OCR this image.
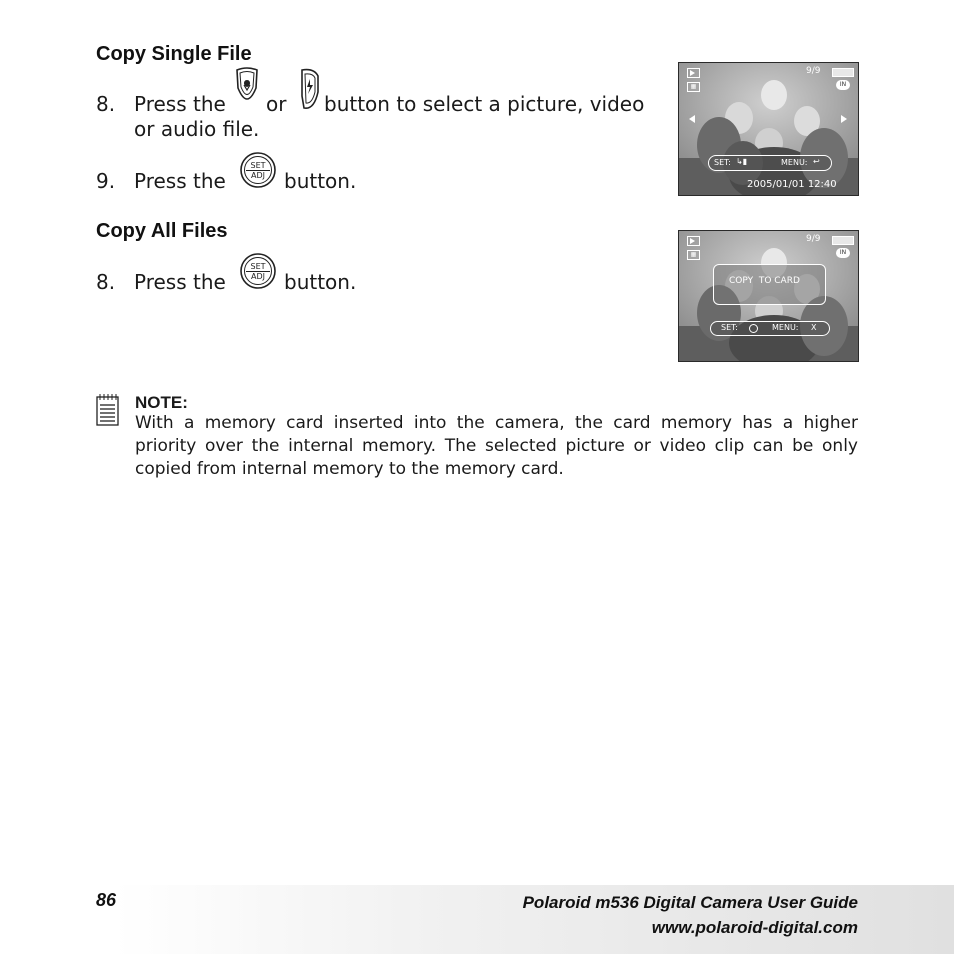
Copy Single File
8. Press the or button to select a picture, video
or audio file.
9. Press the
SET
ADJ button.
Copy All Files
8. Press the
SET
ADJ button.
▦
9/9
IN
SET: ↳▮	MENU: ↩
2005/01/01 12:40
▦
9/9
IN
COPY  TO CARD
SET:	MENU: X
NOTE:
With a memory card inserted into the camera, the card memory has a higher priority over the internal memory. The selected picture or video clip can be only copied from internal memory to the memory card.
86	Polaroid m536 Digital Camera User Guide
www.polaroid-digital.com
